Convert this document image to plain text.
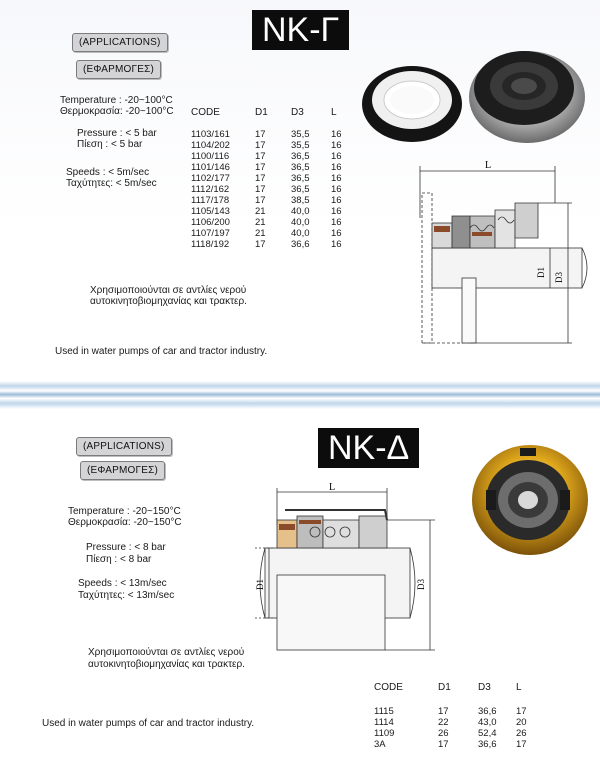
NK-Γ
(APPLICATIONS)
(ΕΦΑΡΜΟΓΕΣ)
Temperature : -20~100°C
Θερμοκρασία: -20~100°C
Pressure : < 5 bar
Πίεση : < 5 bar
Speeds : < 5m/sec
Ταχύτητες: < 5m/sec
CODE	D1	D3	L

1103/161	17	35,5	16
1104/202	17	35,5	16
1100/116	17	36,5	16
1101/146	17	36,5	16
1102/177	17	36,5	16
1112/162	17	36,5	16
1117/178	17	38,5	16
1105/143	21	40,0	16
1106/200	21	40,0	16
1107/197	21	40,0	16
1118/192	17	36,6	16
Χρησιμοποιούνται σε αντλίες νερού
αυτοκινητοβιομηχανίας και τρακτερ.
Used in water pumps of car and tractor industry.
L
D1 D3
NK-Δ
(APPLICATIONS)
(ΕΦΑΡΜΟΓΕΣ)
Temperature : -20~150°C
Θερμοκρασία: -20~150°C
Pressure : < 8 bar
Πίεση : < 8 bar
Speeds : < 13m/sec
Ταχύτητες: < 13m/sec
Χρησιμοποιούνται σε αντλίες νερού
αυτοκινητοβιομηχανίας και τρακτερ.
Used in water pumps of car and tractor industry.
CODE	D1	D3	L

1115	17	36,6	17
1114	22	43,0	20
1109	26	52,4	26
3A	17	36,6	17
L
D1	D3
